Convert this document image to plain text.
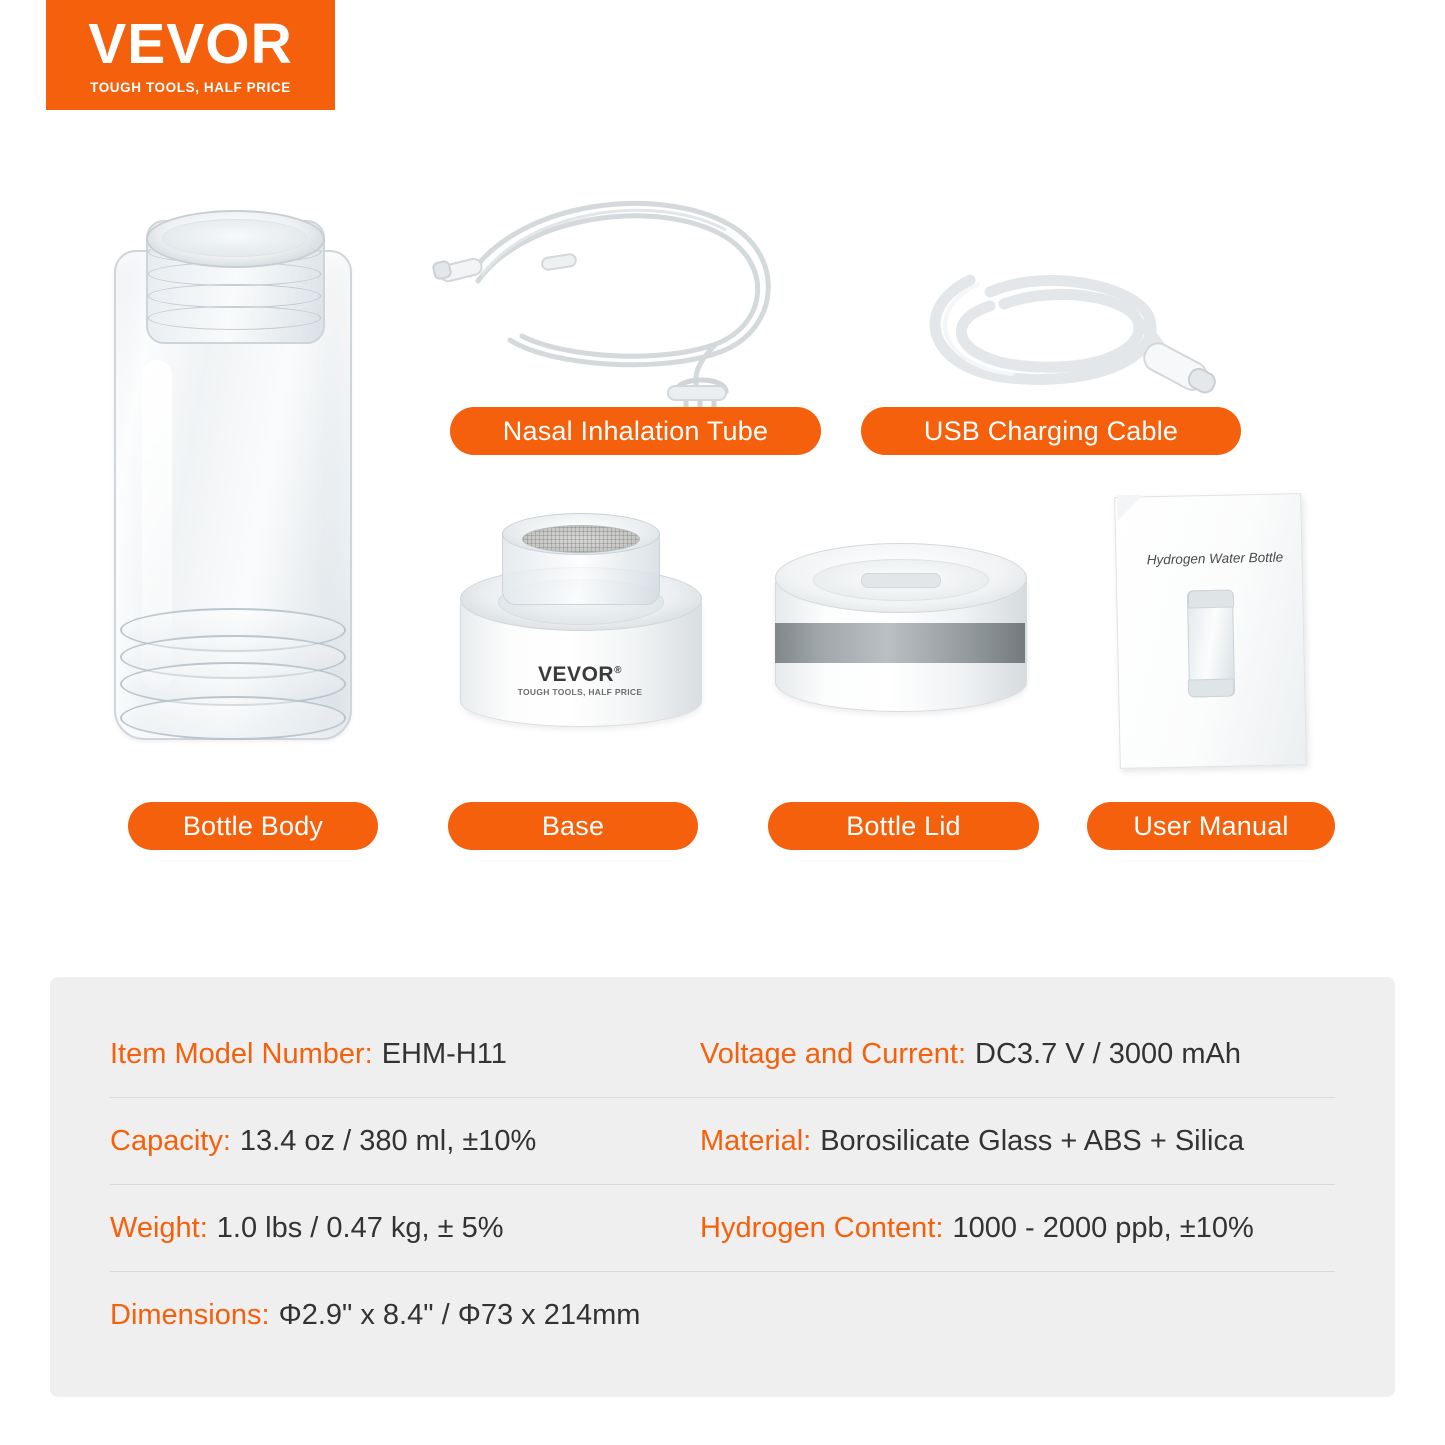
VEVOR
TOUGH TOOLS, HALF PRICE
VEVOR®
TOUGH TOOLS, HALF PRICE
Hydrogen Water Bottle
Nasal Inhalation Tube	USB Charging Cable
Bottle Body	Base	Bottle Lid	User Manual
Item Model Number: EHM-H11	Voltage and Current: DC3.7 V / 3000 mAh
Capacity: 13.4 oz / 380 ml, ±10%	Material: Borosilicate Glass + ABS + Silica
Weight: 1.0 lbs / 0.47 kg, ± 5%	Hydrogen Content: 1000 - 2000 ppb, ±10%
Dimensions: Φ2.9" x 8.4" / Φ73 x 214mm
